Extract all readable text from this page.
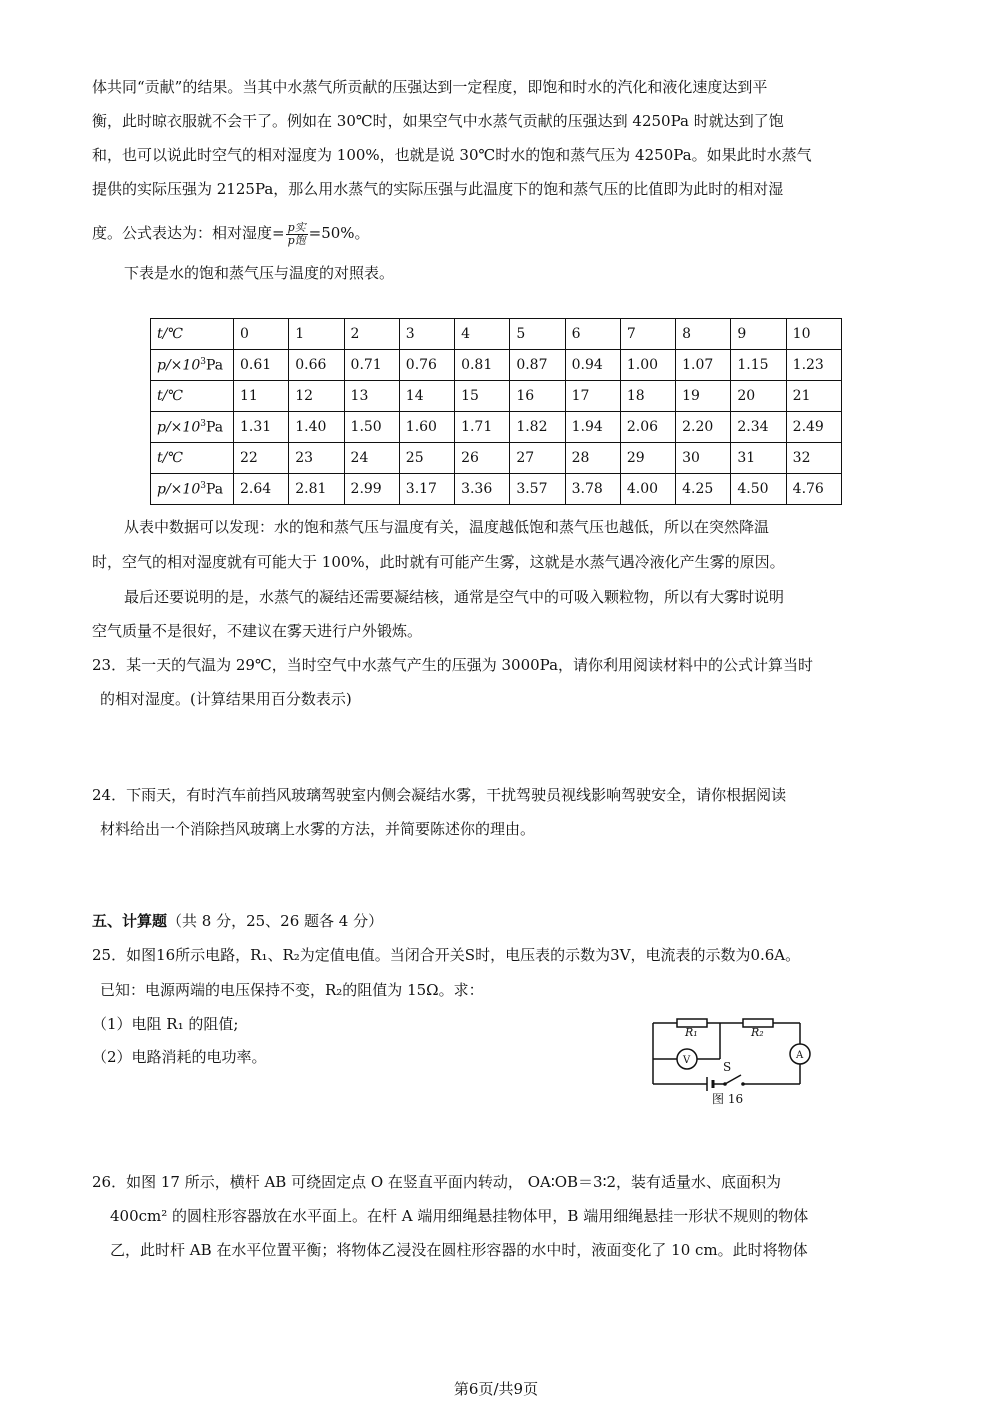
体共同“贡献”的结果。当其中水蒸气所贡献的压强达到一定程度，即饱和时水的汽化和液化速度达到平
衡，此时晾衣服就不会干了。例如在 30℃时，如果空气中水蒸气贡献的压强达到 4250Pa 时就达到了饱
和，也可以说此时空气的相对湿度为 100%，也就是说 30℃时水的饱和蒸气压为 4250Pa。如果此时水蒸气
提供的实际压强为 2125Pa，那么用水蒸气的实际压强与此温度下的饱和蒸气压的比值即为此时的相对湿
度。公式表达为：相对湿度= $\frac{\text{p实}}{\text{p饱}} =50\%$。
下表是水的饱和蒸气压与温度的对照表。
t/℃	0	1	2	3	4	5	6	7	8	9	10
$p/\times 10^3Pa$	0.61	0.66	0.71	0.76	0.81	0.87	0.94	1.00	1.07	1.15	1.23
t/℃	11	12	13	14	15	16	17	18	19	20	21
$p/\times 10^3Pa$	1.31	1.40	1.50	1.60	1.71	1.82	1.94	2.06	2.20	2.34	2.49
t/℃	22	23	24	25	26	27	28	29	30	31	32
$p/\times 10^3Pa$	2.64	2.81	2.99	3.17	3.36	3.57	3.78	4.00	4.25	4.50	4.76
从表中数据可以发现：水的饱和蒸气压与温度有关，温度越低饱和蒸气压也越低，所以在突然降温
时，空气的相对湿度就有可能大于 100%，此时就有可能产生雾，这就是水蒸气遇冷液化产生雾的原因。
最后还要说明的是，水蒸气的凝结还需要凝结核，通常是空气中的可吸入颗粒物，所以有大雾时说明
空气质量不是很好，不建议在雾天进行户外锻炼。
23．某一天的气温为 29℃，当时空气中水蒸气产生的压强为 3000Pa，请你利用阅读材料中的公式计算当时
的相对湿度。(计算结果用百分数表示)
24．下雨天，有时汽车前挡风玻璃驾驶室内侧会凝结水雾，干扰驾驶员视线影响驾驶安全，请你根据阅读
材料给出一个消除挡风玻璃上水雾的方法，并简要陈述你的理由。
五、计算题（共 8 分，25、26 题各 4 分）
25．如图16所示电路，R₁、R₂为定值电值。当闭合开关S时，电压表的示数为3V，电流表的示数为0.6A。
已知：电源两端的电压保持不变，R₂的阻值为 15Ω。求：
（1）电阻 R₁ 的阻值;
（2）电路消耗的电功率。
R₁	R₂
V	A
S
图 16
26．如图 17 所示，横杆 AB 可绕固定点 O 在竖直平面内转动， OA∶OB＝3∶2，装有适量水、底面积为
400cm² 的圆柱形容器放在水平面上。在杆 A 端用细绳悬挂物体甲，B 端用细绳悬挂一形状不规则的物体
乙，此时杆 AB 在水平位置平衡；将物体乙浸没在圆柱形容器的水中时，液面变化了 10 cm。此时将物体
第6页/共9页
